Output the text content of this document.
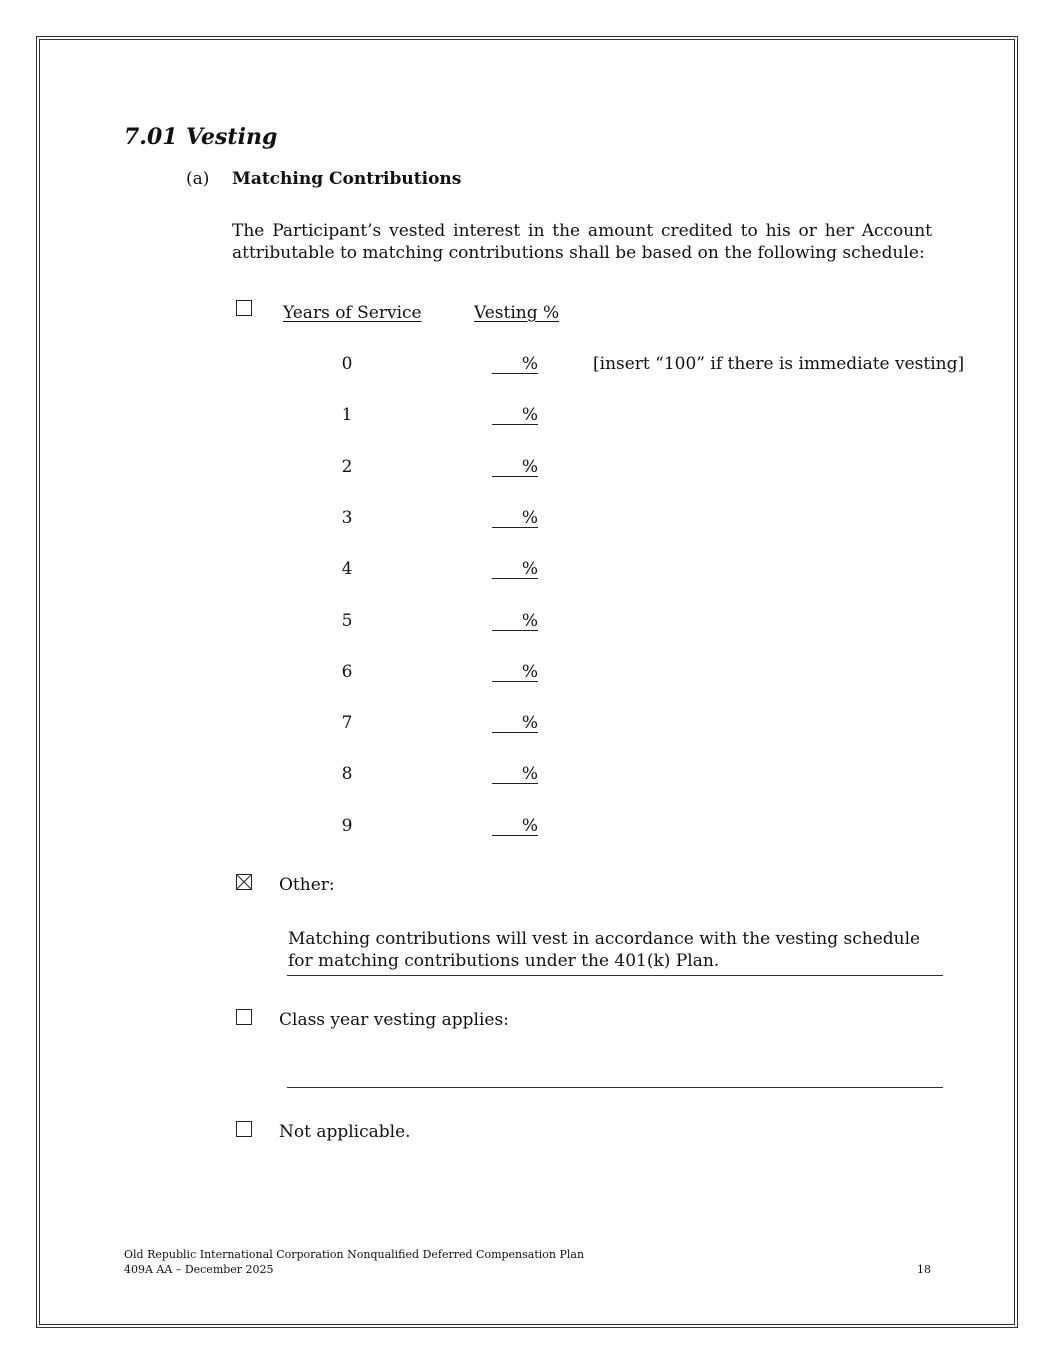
7.01 Vesting
(a) Matching Contributions
The Participant’s vested interest in the amount credited to his or her Account attributable to matching contributions shall be based on the following schedule:
Years of Service	Vesting %
0	%
1	%
2	%
3	%
4	%
5	%
6	%
7	%
8	%
9	%
[insert “100” if there is immediate vesting]
Other:
Matching contributions will vest in accordance with the vesting schedule for matching contributions under the 401(k) Plan.
Class year vesting applies:
Not applicable.
Old Republic International Corporation Nonqualified Deferred Compensation Plan
409A AA – December 2025	18
